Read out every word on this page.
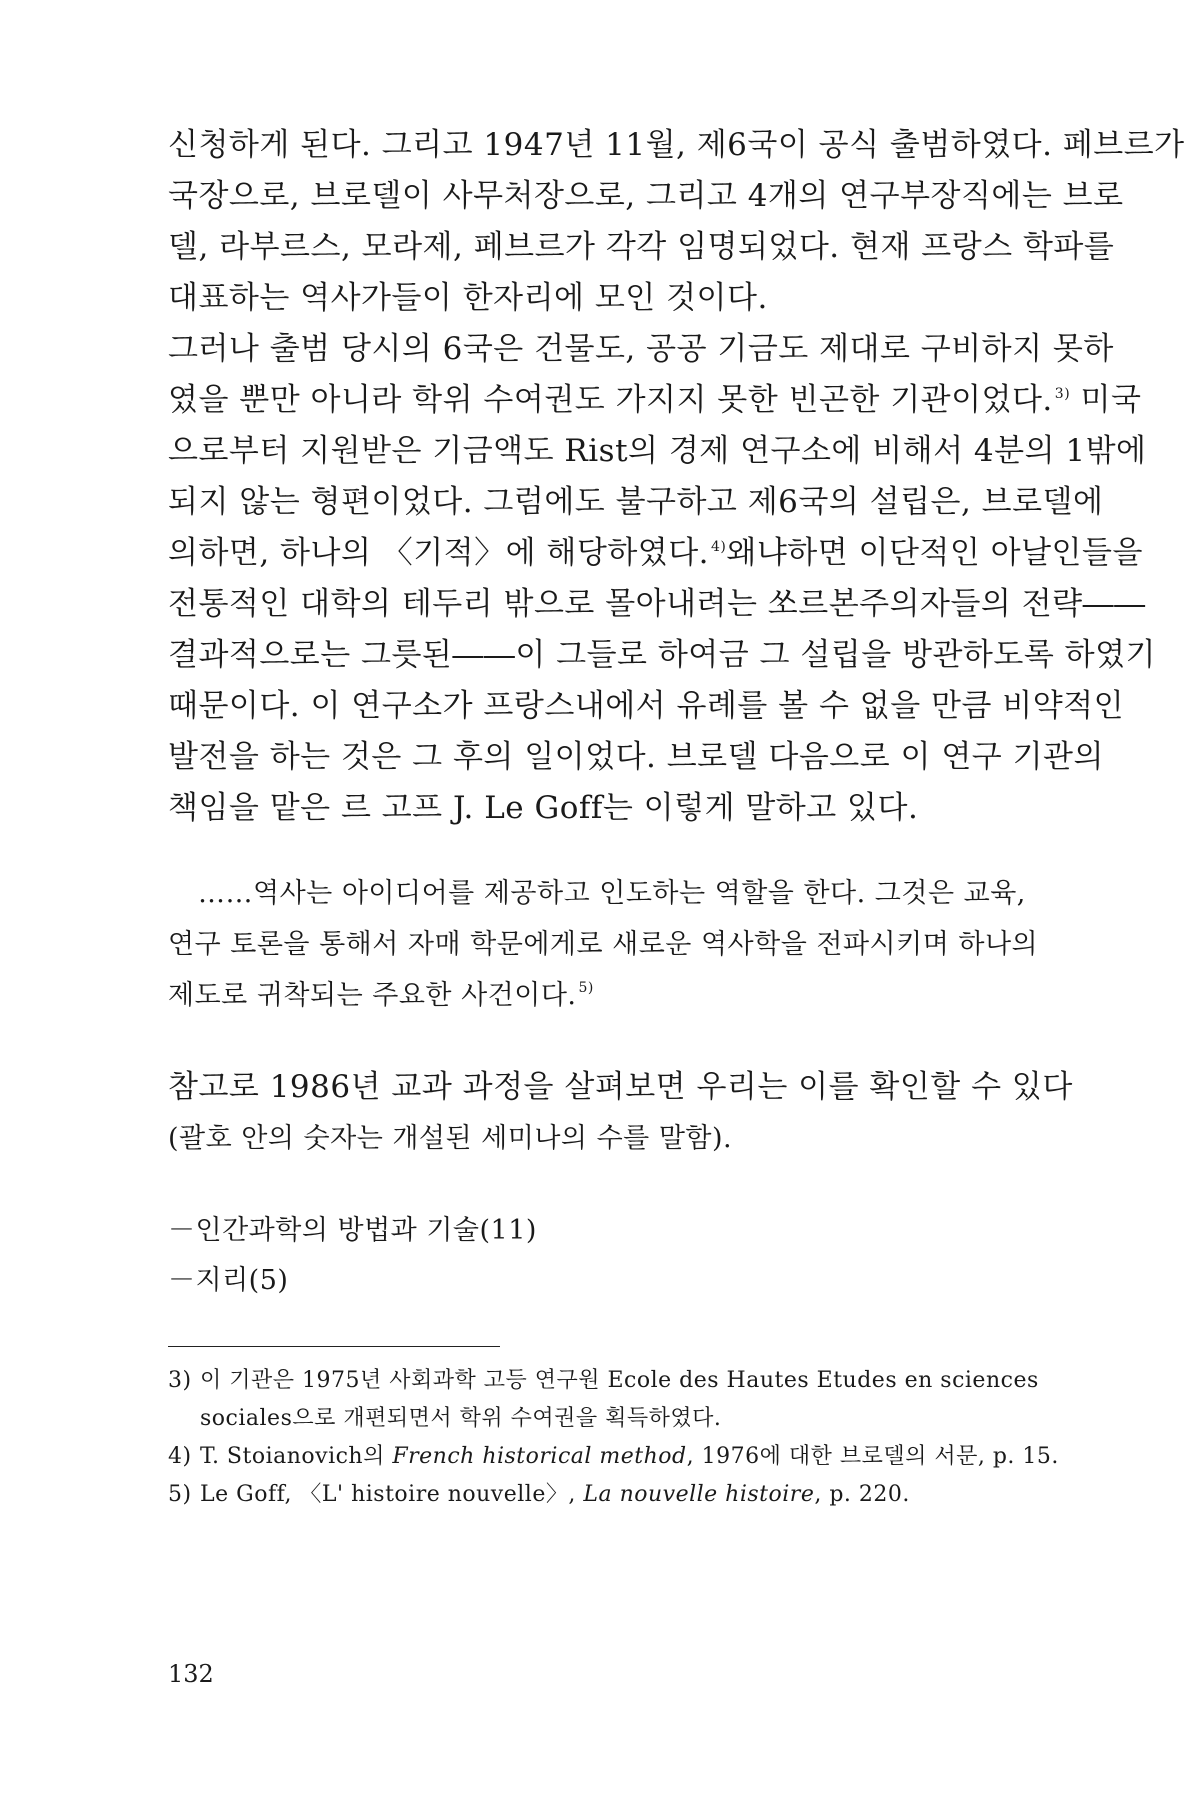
신청하게 된다. 그리고 1947년 11월, 제6국이 공식 출범하였다. 페브르가
국장으로, 브로델이 사무처장으로, 그리고 4개의 연구부장직에는 브로
델, 라부르스, 모라제, 페브르가 각각 임명되었다. 현재 프랑스 학파를
대표하는 역사가들이 한자리에 모인 것이다.
그러나 출범 당시의 6국은 건물도, 공공 기금도 제대로 구비하지 못하
였을 뿐만 아니라 학위 수여권도 가지지 못한 빈곤한 기관이었다. $^{3)}$ 미국
으로부터 지원받은 기금액도 Rist의 경제 연구소에 비해서 4분의 1밖에
되지 않는 형편이었다. 그럼에도 불구하고 제6국의 설립은, 브로델에
의하면, 하나의 〈기적〉에 해당하였다. $^{4)}$ 왜냐하면 이단적인 아날인들을
전통적인 대학의 테두리 밖으로 몰아내려는 쏘르본주의자들의 전략――
결과적으로는 그릇된――이 그들로 하여금 그 설립을 방관하도록 하였기
때문이다. 이 연구소가 프랑스내에서 유례를 볼 수 없을 만큼 비약적인
발전을 하는 것은 그 후의 일이었다. 브로델 다음으로 이 연구 기관의
책임을 맡은 르 고프 J. Le Goff는 이렇게 말하고 있다.
……역사는 아이디어를 제공하고 인도하는 역할을 한다. 그것은 교육,
연구 토론을 통해서 자매 학문에게로 새로운 역사학을 전파시키며 하나의
제도로 귀착되는 주요한 사건이다. $^{5)}$
참고로 1986년 교과 과정을 살펴보면 우리는 이를 확인할 수 있다
(괄호 안의 숫자는 개설된 세미나의 수를 말함).
－인간과학의 방법과 기술(11)
－지리(5)
3) 이 기관은 1975년 사회과학 고등 연구원 Ecole des Hautes Etudes en sciences
sociales으로 개편되면서 학위 수여권을 획득하였다.
4) T. Stoianovich의 French historical method, 1976에 대한 브로델의 서문, p. 15.
5) Le Goff, 〈L' histoire nouvelle〉, La nouvelle histoire, p. 220.
132
